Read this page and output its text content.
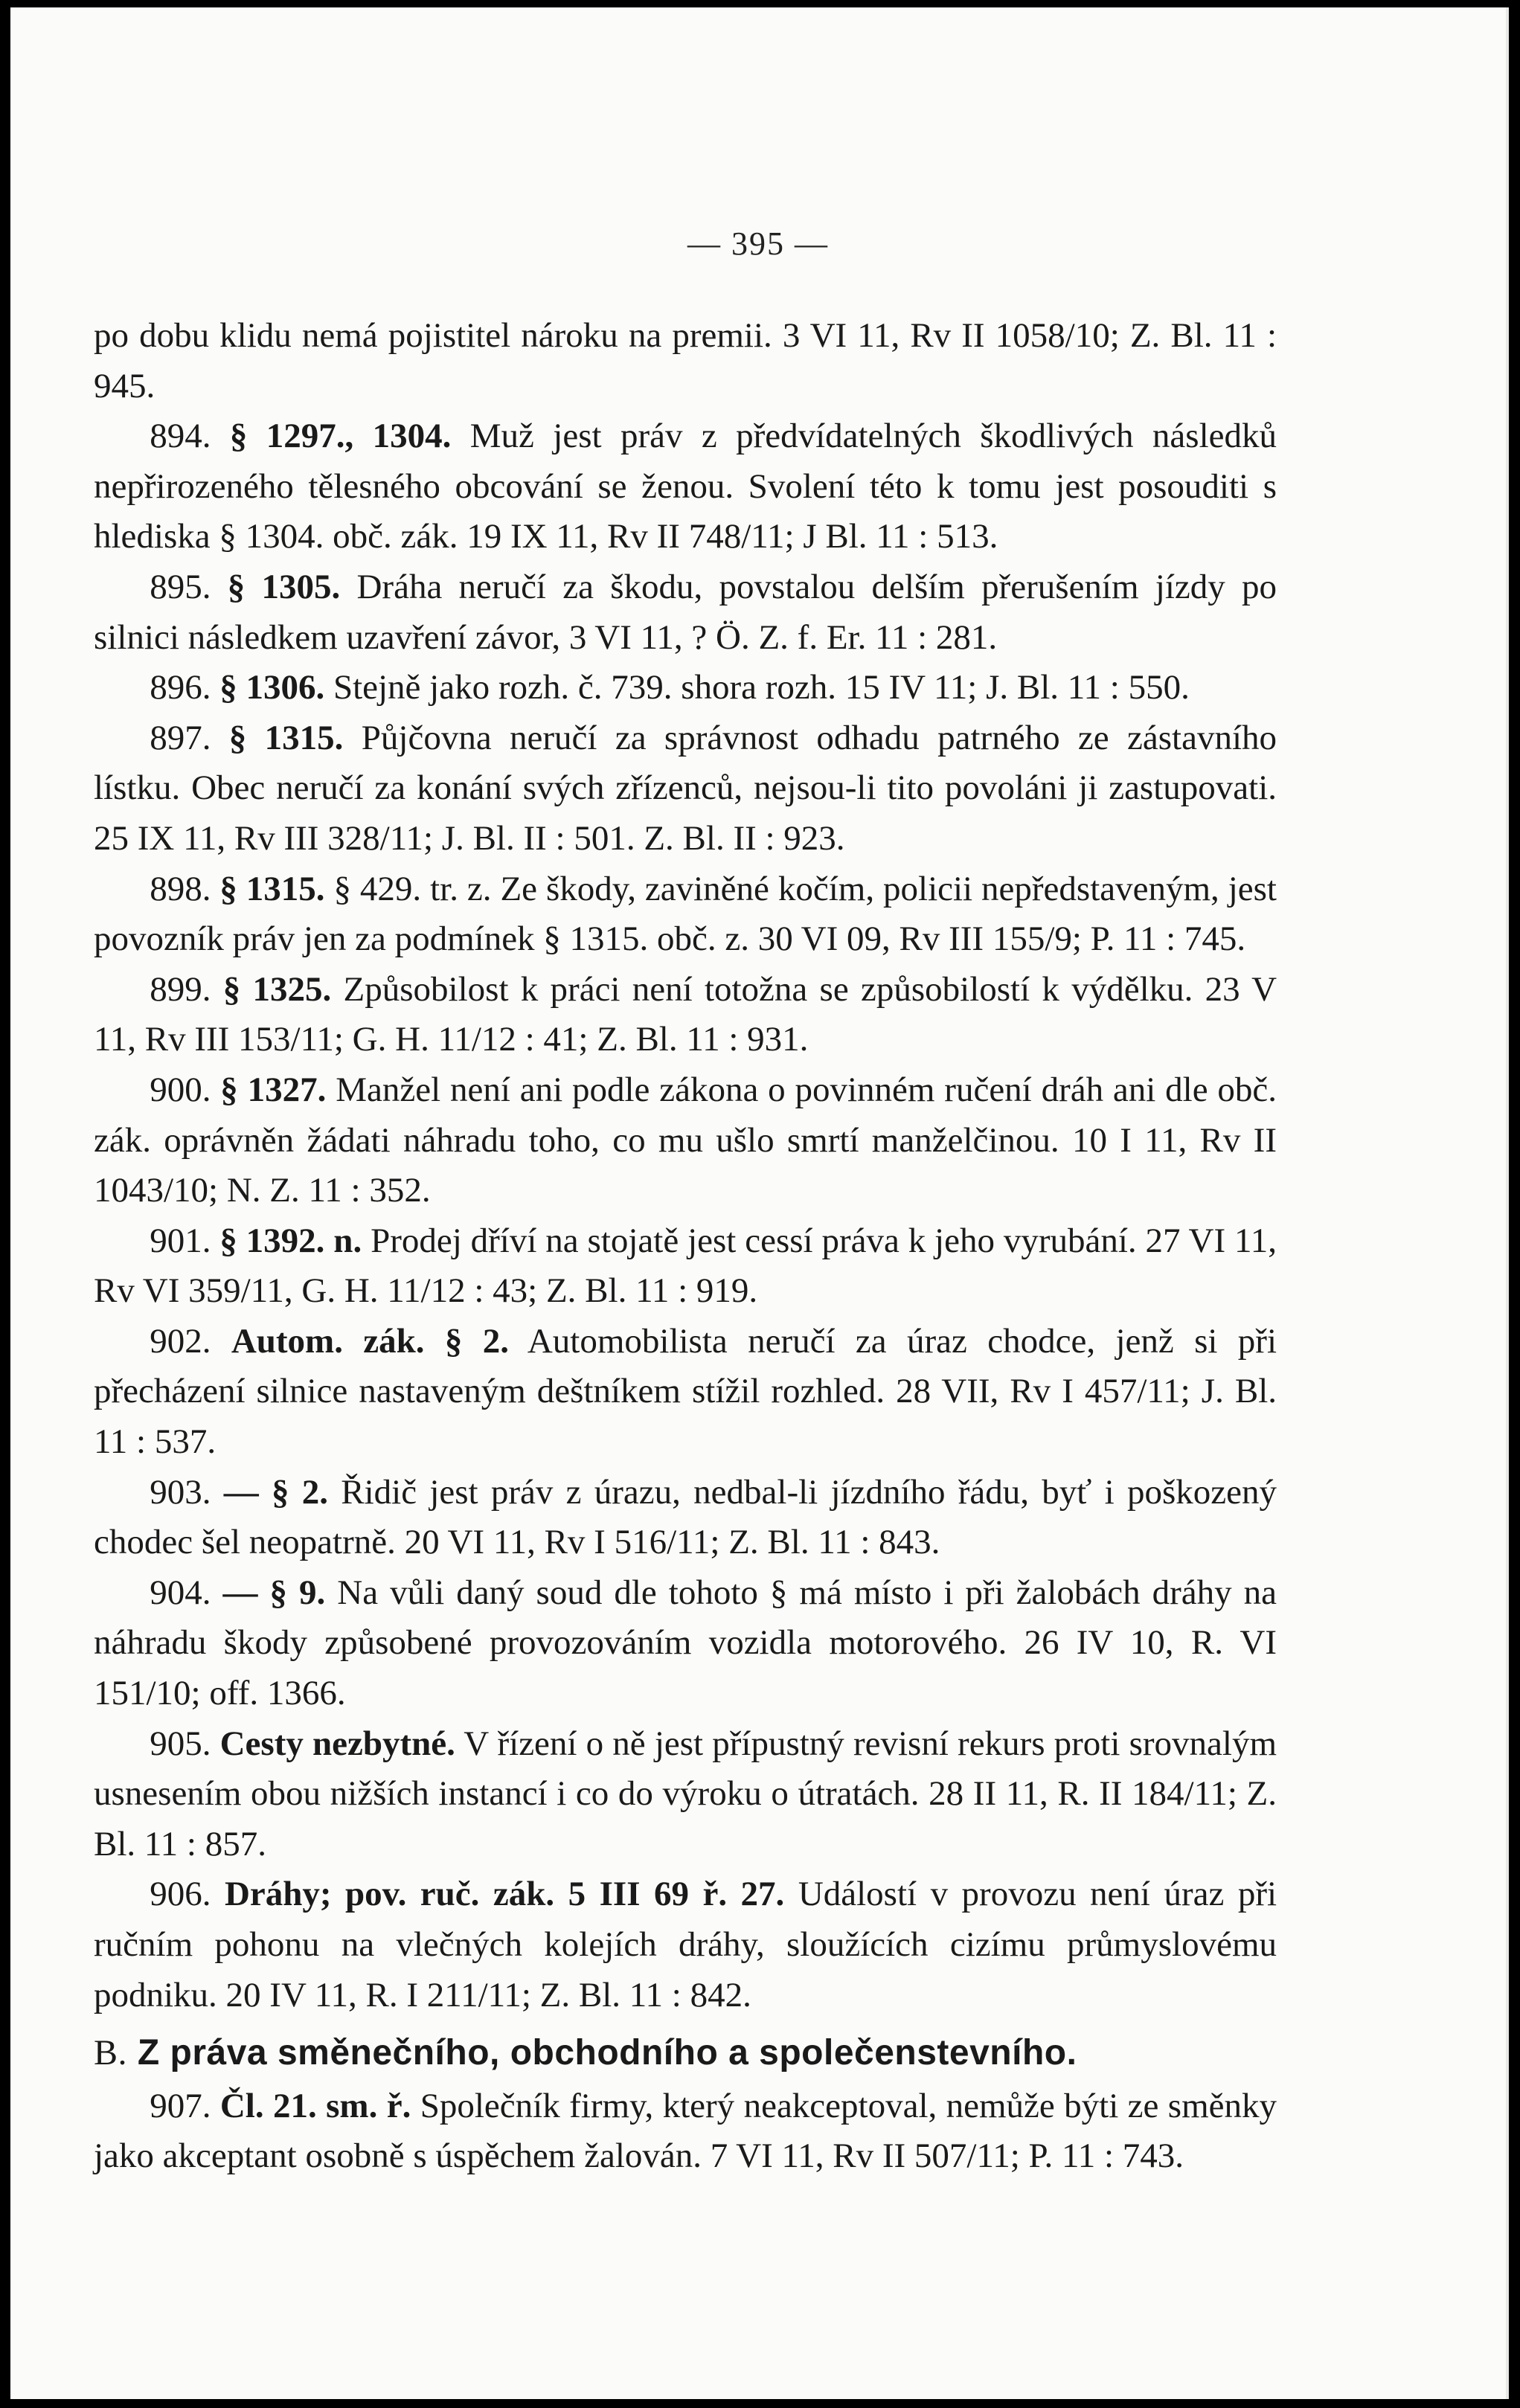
— 395 —

po dobu klidu nemá pojistitel nároku na premii. 3 VI 11, Rv II 1058/10; Z. Bl. 11 : 945.

894. § 1297., 1304. Muž jest práv z předvídatelných škodlivých následků nepřirozeného tělesného obcování se ženou. Svolení této k tomu jest posouditi s hlediska § 1304. obč. zák. 19 IX 11, Rv II 748/11; J Bl. 11 : 513.

895. § 1305. Dráha neručí za škodu, povstalou delším přerušením jízdy po silnici následkem uzavření závor, 3 VI 11, ? Ö. Z. f. Er. 11 : 281.

896. § 1306. Stejně jako rozh. č. 739. shora rozh. 15 IV 11; J. Bl. 11 : 550.

897. § 1315. Půjčovna neručí za správnost odhadu patrného ze zástavního lístku. Obec neručí za konání svých zřízenců, nejsou-li tito povoláni ji zastupovati. 25 IX 11, Rv III 328/11; J. Bl. II : 501. Z. Bl. II : 923.

898. § 1315. § 429. tr. z. Ze škody, zaviněné kočím, policii nepředstaveným, jest povozník práv jen za podmínek § 1315. obč. z. 30 VI 09, Rv III 155/9; P. 11 : 745.

899. § 1325. Způsobilost k práci není totožna se způsobilostí k výdělku. 23 V 11, Rv III 153/11; G. H. 11/12 : 41; Z. Bl. 11 : 931.

900. § 1327. Manžel není ani podle zákona o povinném ručení dráh ani dle obč. zák. oprávněn žádati náhradu toho, co mu ušlo smrtí manželčinou. 10 I 11, Rv II 1043/10; N. Z. 11 : 352.

901. § 1392. n. Prodej dříví na stojatě jest cessí práva k jeho vyrubání. 27 VI 11, Rv VI 359/11, G. H. 11/12 : 43; Z. Bl. 11 : 919.

902. Autom. zák. § 2. Automobilista neručí za úraz chodce, jenž si při přecházení silnice nastaveným deštníkem stížil rozhled. 28 VII, Rv I 457/11; J. Bl. 11 : 537.

903. — § 2. Řidič jest práv z úrazu, nedbal-li jízdního řádu, byť i poškozený chodec šel neopatrně. 20 VI 11, Rv I 516/11; Z. Bl. 11 : 843.

904. — § 9. Na vůli daný soud dle tohoto § má místo i při žalobách dráhy na náhradu škody způsobené provozováním vozidla motorového. 26 IV 10, R. VI 151/10; off. 1366.

905. Cesty nezbytné. V řízení o ně jest přípustný revisní rekurs proti srovnalým usnesením obou nižších instancí i co do výroku o útratách. 28 II 11, R. II 184/11; Z. Bl. 11 : 857.

906. Dráhy; pov. ruč. zák. 5 III 69 ř. 27. Událostí v provozu není úraz při ručním pohonu na vlečných kolejích dráhy, sloužících cizímu průmyslovému podniku. 20 IV 11, R. I 211/11; Z. Bl. 11 : 842.

B. Z práva směnečního, obchodního a společenstevního.

907. Čl. 21. sm. ř. Společník firmy, který neakceptoval, nemůže býti ze směnky jako akceptant osobně s úspěchem žalován. 7 VI 11, Rv II 507/11; P. 11 : 743.
